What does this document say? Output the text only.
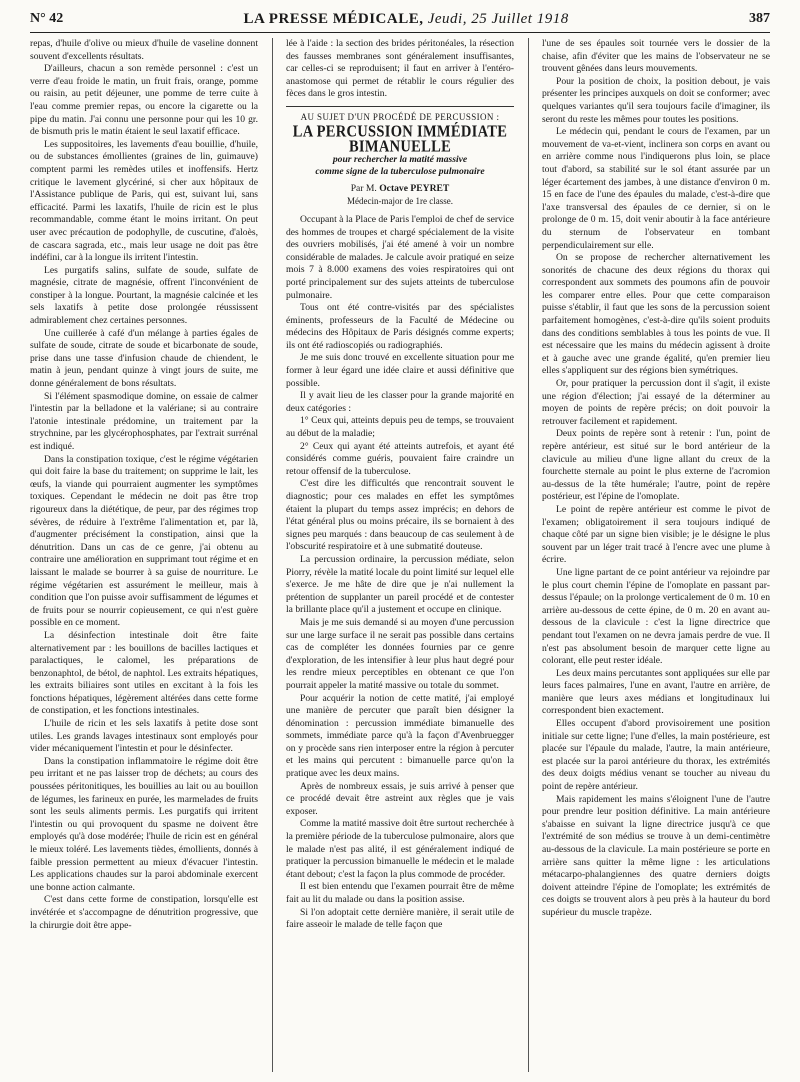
N° 42	LA PRESSE MÉDICALE, Jeudi, 25 Juillet 1918	387

repas, d'huile d'olive ou mieux d'huile de vaseline donnent souvent d'excellents résultats.

D'ailleurs, chacun a son remède personnel : c'est un verre d'eau froide le matin, un fruit frais, orange, pomme ou raisin, au petit déjeuner, une pomme de terre cuite à l'eau comme premier repas, ou encore la cigarette ou la pipe du matin. J'ai connu une personne pour qui les 10 gr. de bismuth pris le matin étaient le seul laxatif efficace.

Les suppositoires, les lavements d'eau bouillie, d'huile, ou de substances émollientes (graines de lin, guimauve) comptent parmi les remèdes utiles et inoffensifs. Hertz critique le lavement glycériné, si cher aux hôpitaux de l'Assistance publique de Paris, qui est, suivant lui, sans efficacité. Parmi les laxatifs, l'huile de ricin est le plus recommandable, comme étant le moins irritant. On peut user avec précaution de podophylle, de cuscutine, d'aloès, de cascara sagrada, etc., mais leur usage ne doit pas être indéfini, car à la longue ils irritent l'intestin.

Les purgatifs salins, sulfate de soude, sulfate de magnésie, citrate de magnésie, offrent l'inconvénient de constiper à la longue. Pourtant, la magnésie calcinée et les sels laxatifs à petite dose prolongée réussissent admirablement chez certaines personnes.

Une cuillerée à café d'un mélange à parties égales de sulfate de soude, citrate de soude et bicarbonate de soude, prise dans une tasse d'infusion chaude de chiendent, le matin à jeun, pendant quinze à vingt jours de suite, me donne généralement de bons résultats.

Si l'élément spasmodique domine, on essaie de calmer l'intestin par la belladone et la valériane; si au contraire l'atonie intestinale prédomine, un traitement par la strychnine, par les glycérophosphates, par l'extrait surrénal est indiqué.

Dans la constipation toxique, c'est le régime végétarien qui doit faire la base du traitement; on supprime le lait, les œufs, la viande qui pourraient augmenter les symptômes toxiques. Cependant le médecin ne doit pas être trop rigoureux dans la diététique, de peur, par des régimes trop sévères, de réduire à l'extrême l'alimentation et, par là, d'augmenter précisément la constipation, ainsi que la dénutrition. Dans un cas de ce genre, j'ai obtenu au contraire une amélioration en supprimant tout régime et en laissant le malade se bourrer à sa guise de nourriture. Le régime végétarien est assurément le meilleur, mais à condition que l'on puisse avoir suffisamment de légumes et de fruits pour se nourrir copieusement, ce qui n'est guère possible en ce moment.

La désinfection intestinale doit être faite alternativement par : les bouillons de bacilles lactiques et paralactiques, le calomel, les préparations de benzonaphtol, de bétol, de naphtol. Les extraits hépatiques, les extraits biliaires sont utiles en excitant à la fois les fonctions hépatiques, légèrement altérées dans cette forme de constipation, et les fonctions intestinales.

L'huile de ricin et les sels laxatifs à petite dose sont utiles. Les grands lavages intestinaux sont employés pour vider mécaniquement l'intestin et pour le désinfecter.

Dans la constipation inflammatoire le régime doit être peu irritant et ne pas laisser trop de déchets; au cours des poussées péritonitiques, les bouillies au lait ou au bouillon de légumes, les farineux en purée, les marmelades de fruits sont les seuls aliments permis. Les purgatifs qui irritent l'intestin ou qui provoquent du spasme ne doivent être employés qu'à dose modérée; l'huile de ricin est en général le mieux toléré. Les lavements tièdes, émollients, donnés à faible pression permettent au mieux d'évacuer l'intestin. Les applications chaudes sur la paroi abdominale exercent une bonne action calmante.

C'est dans cette forme de constipation, lorsqu'elle est invétérée et s'accompagne de dénutrition progressive, que la chirurgie doit être appe-

lée à l'aide : la section des brides péritonéales, la résection des fausses membranes sont généralement insuffisantes, car celles-ci se reproduisent; il faut en arriver à l'entéro-anastomose qui permet de rétablir le cours régulier des fèces dans le gros intestin.

AU SUJET D'UN PROCÉDÉ DE PERCUSSION :
LA PERCUSSION IMMÉDIATE BIMANUELLE
pour rechercher la matité massive
comme signe de la tuberculose pulmonaire
Par M. Octave PEYRET
Médecin-major de 1re classe.

Occupant à la Place de Paris l'emploi de chef de service des hommes de troupes et chargé spécialement de la visite des ouvriers mobilisés, j'ai été amené à voir un nombre considérable de malades. Je calcule avoir pratiqué en seize mois 7 à 8.000 examens des voies respiratoires qui ont porté principalement sur des sujets atteints de tuberculose pulmonaire.

Tous ont été contre-visités par des spécialistes éminents, professeurs de la Faculté de Médecine ou médecins des Hôpitaux de Paris désignés comme experts; ils ont été radioscopiés ou radiographiés.

Je me suis donc trouvé en excellente situation pour me former à leur égard une idée claire et aussi définitive que possible.

Il y avait lieu de les classer pour la grande majorité en deux catégories :

1° Ceux qui, atteints depuis peu de temps, se trouvaient au début de la maladie;

2° Ceux qui ayant été atteints autrefois, et ayant été considérés comme guéris, pouvaient faire craindre un retour offensif de la tuberculose.

C'est dire les difficultés que rencontrait souvent le diagnostic; pour ces malades en effet les symptômes étaient la plupart du temps assez imprécis; en dehors de l'état général plus ou moins précaire, ils se bornaient à des signes peu marqués : dans beaucoup de cas seulement à de l'obscurité respiratoire et à une submatité douteuse.

La percussion ordinaire, la percussion médiate, selon Piorry, révèle la matité locale du point limité sur lequel elle s'exerce. Je me hâte de dire que je n'ai nullement la prétention de supplanter un pareil procédé et de contester la brillante place qu'il a justement et occupe en clinique.

Mais je me suis demandé si au moyen d'une percussion sur une large surface il ne serait pas possible dans certains cas de compléter les données fournies par ce genre d'exploration, de les intensifier à leur plus haut degré pour les rendre mieux perceptibles en obtenant ce que l'on pourrait appeler la matité massive ou totale du sommet.

Pour acquérir la notion de cette matité, j'ai employé une manière de percuter que paraît bien désigner la dénomination : percussion immédiate bimanuelle des sommets, immédiate parce qu'à la façon d'Avenbruegger on y procède sans rien interposer entre la région à percuter et les mains qui percutent : bimanuelle parce qu'on la pratique avec les deux mains.

Après de nombreux essais, je suis arrivé à penser que ce procédé devait être astreint aux règles que je vais exposer.

Comme la matité massive doit être surtout recherchée à la première période de la tuberculose pulmonaire, alors que le malade n'est pas alité, il est généralement indiqué de pratiquer la percussion bimanuelle le médecin et le malade étant debout; c'est la façon la plus commode de procéder.

Il est bien entendu que l'examen pourrait être de même fait au lit du malade ou dans la position assise.

Si l'on adoptait cette dernière manière, il serait utile de faire asseoir le malade de telle façon que

l'une de ses épaules soit tournée vers le dossier de la chaise, afin d'éviter que les mains de l'observateur ne se trouvent gênées dans leurs mouvements.

Pour la position de choix, la position debout, je vais présenter les principes auxquels on doit se conformer; avec quelques variantes qu'il sera toujours facile d'imaginer, ils seront du reste les mêmes pour toutes les positions.

Le médecin qui, pendant le cours de l'examen, par un mouvement de va-et-vient, inclinera son corps en avant ou en arrière comme nous l'indiquerons plus loin, se place tout d'abord, sa stabilité sur le sol étant assurée par un léger écartement des jambes, à une distance d'environ 0 m. 15 en face de l'une des épaules du malade, c'est-à-dire que l'axe transversal des épaules de ce dernier, si on le prolonge de 0 m. 15, doit venir aboutir à la face antérieure du sternum de l'observateur en tombant perpendiculairement sur elle.

On se propose de rechercher alternativement les sonorités de chacune des deux régions du thorax qui correspondent aux sommets des poumons afin de pouvoir les comparer entre elles. Pour que cette comparaison puisse s'établir, il faut que les sons de la percussion soient parfaitement homogènes, c'est-à-dire qu'ils soient produits dans des conditions semblables à tous les points de vue. Il est nécessaire que les mains du médecin agissent à droite et à gauche avec une grande égalité, qu'en premier lieu elles s'appliquent sur des régions bien symétriques.

Or, pour pratiquer la percussion dont il s'agit, il existe une région d'élection; j'ai essayé de la déterminer au moyen de points de repère précis; on doit pouvoir la retrouver facilement et rapidement.

Deux points de repère sont à retenir : l'un, point de repère antérieur, est situé sur le bord antérieur de la clavicule au milieu d'une ligne allant du creux de la fourchette sternale au point le plus externe de l'acromion au-dessus de la tête humérale; l'autre, point de repère postérieur, est l'épine de l'omoplate.

Le point de repère antérieur est comme le pivot de l'examen; obligatoirement il sera toujours indiqué de chaque côté par un signe bien visible; je le désigne le plus souvent par un léger trait tracé à l'encre avec une plume à écrire.

Une ligne partant de ce point antérieur va rejoindre par le plus court chemin l'épine de l'omoplate en passant par-dessus l'épaule; on la prolonge verticalement de 0 m. 10 en arrière au-dessous de cette épine, de 0 m. 20 en avant au-dessous de la clavicule : c'est la ligne directrice que pendant tout l'examen on ne devra jamais perdre de vue. Il n'est pas absolument besoin de marquer cette ligne au colorant, elle peut rester idéale.

Les deux mains percutantes sont appliquées sur elle par leurs faces palmaires, l'une en avant, l'autre en arrière, de manière que leurs axes médians et longitudinaux lui correspondent bien exactement.

Elles occupent d'abord provisoirement une position initiale sur cette ligne; l'une d'elles, la main postérieure, est placée sur l'épaule du malade, l'autre, la main antérieure, est placée sur la paroi antérieure du thorax, les extrémités des deux doigts médius venant se toucher au niveau du point de repère antérieur.

Mais rapidement les mains s'éloignent l'une de l'autre pour prendre leur position définitive. La main antérieure s'abaisse en suivant la ligne directrice jusqu'à ce que l'extrémité de son médius se trouve à un demi-centimètre au-dessous de la clavicule. La main postérieure se porte en arrière sans quitter la même ligne : les articulations métacarpo-phalangiennes des quatre derniers doigts doivent atteindre l'épine de l'omoplate; les extrémités de ces doigts se trouvent alors à peu près à la hauteur du bord supérieur du muscle trapèze.
